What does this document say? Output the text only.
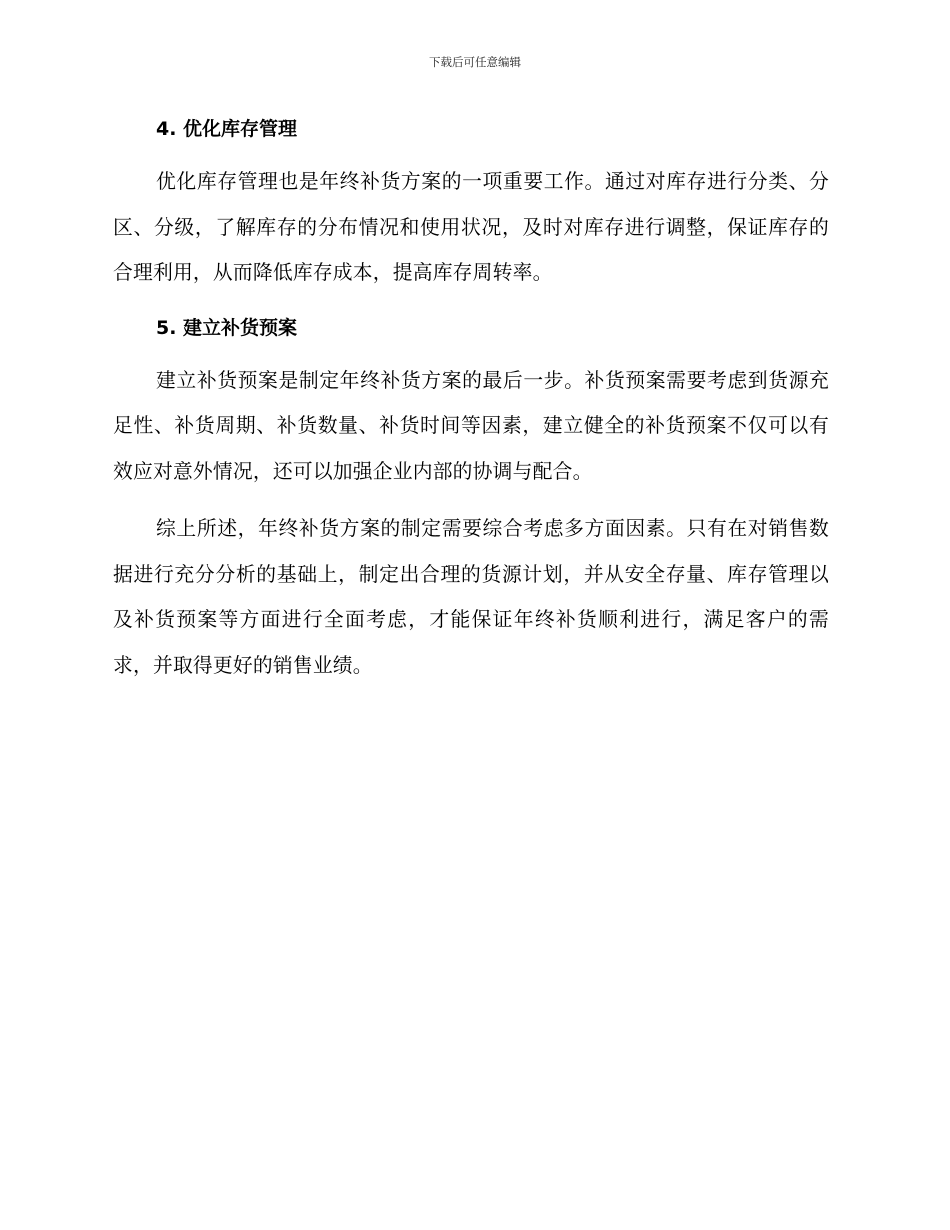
下载后可任意编辑
4. 优化库存管理

优化库存管理也是年终补货方案的一项重要工作。通过对库存进行分类、分区、分级，了解库存的分布情况和使用状况，及时对库存进行调整，保证库存的合理利用，从而降低库存成本，提高库存周转率。

5. 建立补货预案

建立补货预案是制定年终补货方案的最后一步。补货预案需要考虑到货源充足性、补货周期、补货数量、补货时间等因素，建立健全的补货预案不仅可以有效应对意外情况，还可以加强企业内部的协调与配合。

综上所述，年终补货方案的制定需要综合考虑多方面因素。只有在对销售数据进行充分分析的基础上，制定出合理的货源计划，并从安全存量、库存管理以及补货预案等方面进行全面考虑，才能保证年终补货顺利进行，满足客户的需求，并取得更好的销售业绩。
